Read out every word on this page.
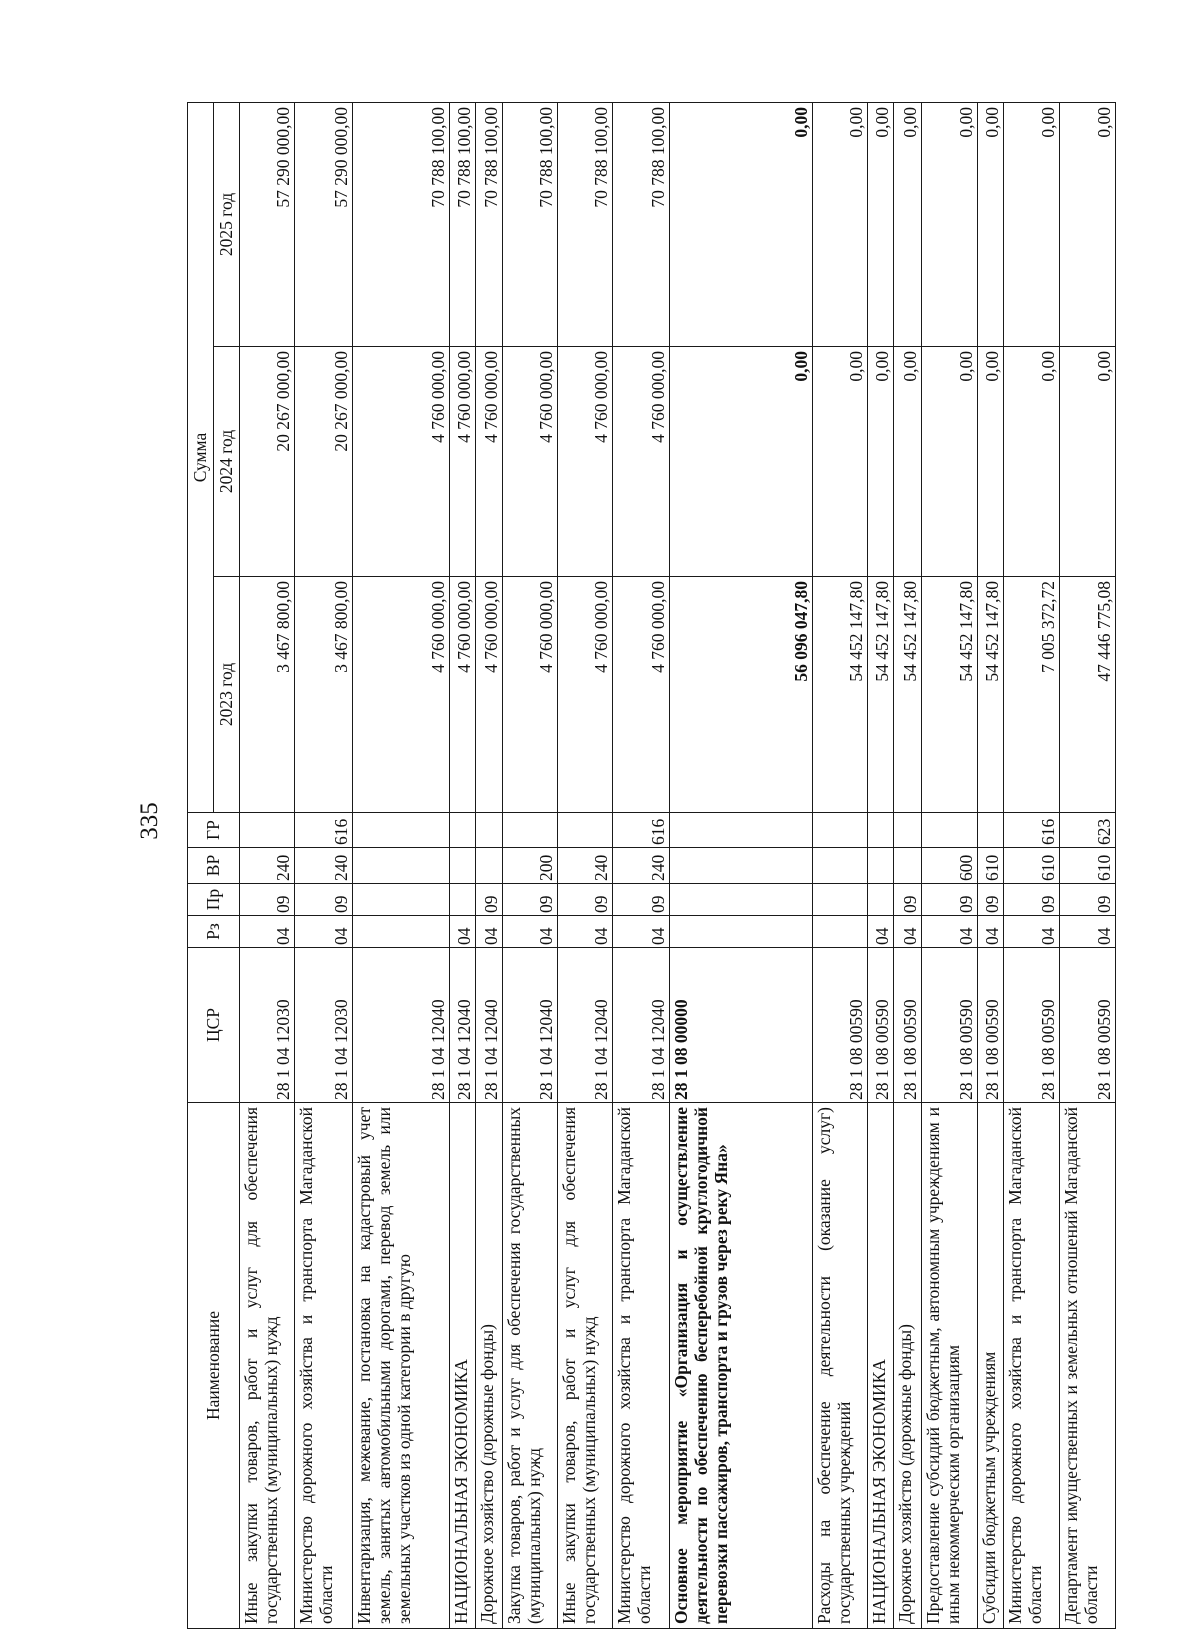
335
Наименование	ЦСР	Рз	Пр	ВР	ГР	Сумма		
						2023 год	2024 год	2025 год
Иные закупки товаров, работ и услуг для обеспечения государственных (муниципальных) нужд	28 1 04 12030	04	09	240		3 467 800,00	20 267 000,00	57 290 000,00
Министерство дорожного хозяйства и транспорта Магаданской области	28 1 04 12030	04	09	240	616	3 467 800,00	20 267 000,00	57 290 000,00
Инвентаризация, межевание, постановка на кадастровый учет земель, занятых автомобильными дорогами, перевод земель или земельных участков из одной категории в другую	28 1 04 12040					4 760 000,00	4 760 000,00	70 788 100,00
НАЦИОНАЛЬНАЯ ЭКОНОМИКА	28 1 04 12040	04				4 760 000,00	4 760 000,00	70 788 100,00
Дорожное хозяйство (дорожные фонды)	28 1 04 12040	04	09			4 760 000,00	4 760 000,00	70 788 100,00
Закупка товаров, работ и услуг для обеспечения государственных (муниципальных) нужд	28 1 04 12040	04	09	200		4 760 000,00	4 760 000,00	70 788 100,00
Иные закупки товаров, работ и услуг для обеспечения государственных (муниципальных) нужд	28 1 04 12040	04	09	240		4 760 000,00	4 760 000,00	70 788 100,00
Министерство дорожного хозяйства и транспорта Магаданской области	28 1 04 12040	04	09	240	616	4 760 000,00	4 760 000,00	70 788 100,00
Основное мероприятие «Организация и осуществление деятельности по обеспечению бесперебойной круглогодичной перевозки пассажиров, транспорта и грузов через реку Яна»	28 1 08 00000					56 096 047,80	0,00	0,00
Расходы на обеспечение деятельности (оказание услуг) государственных учреждений	28 1 08 00590					54 452 147,80	0,00	0,00
НАЦИОНАЛЬНАЯ ЭКОНОМИКА	28 1 08 00590	04				54 452 147,80	0,00	0,00
Дорожное хозяйство (дорожные фонды)	28 1 08 00590	04	09			54 452 147,80	0,00	0,00
Предоставление субсидий бюджетным, автономным учреждениям и иным некоммерческим организациям	28 1 08 00590	04	09	600		54 452 147,80	0,00	0,00
Субсидии бюджетным учреждениям	28 1 08 00590	04	09	610		54 452 147,80	0,00	0,00
Министерство дорожного хозяйства и транспорта Магаданской области	28 1 08 00590	04	09	610	616	7 005 372,72	0,00	0,00
Департамент имущественных и земельных отношений Магаданской области	28 1 08 00590	04	09	610	623	47 446 775,08	0,00	0,00
